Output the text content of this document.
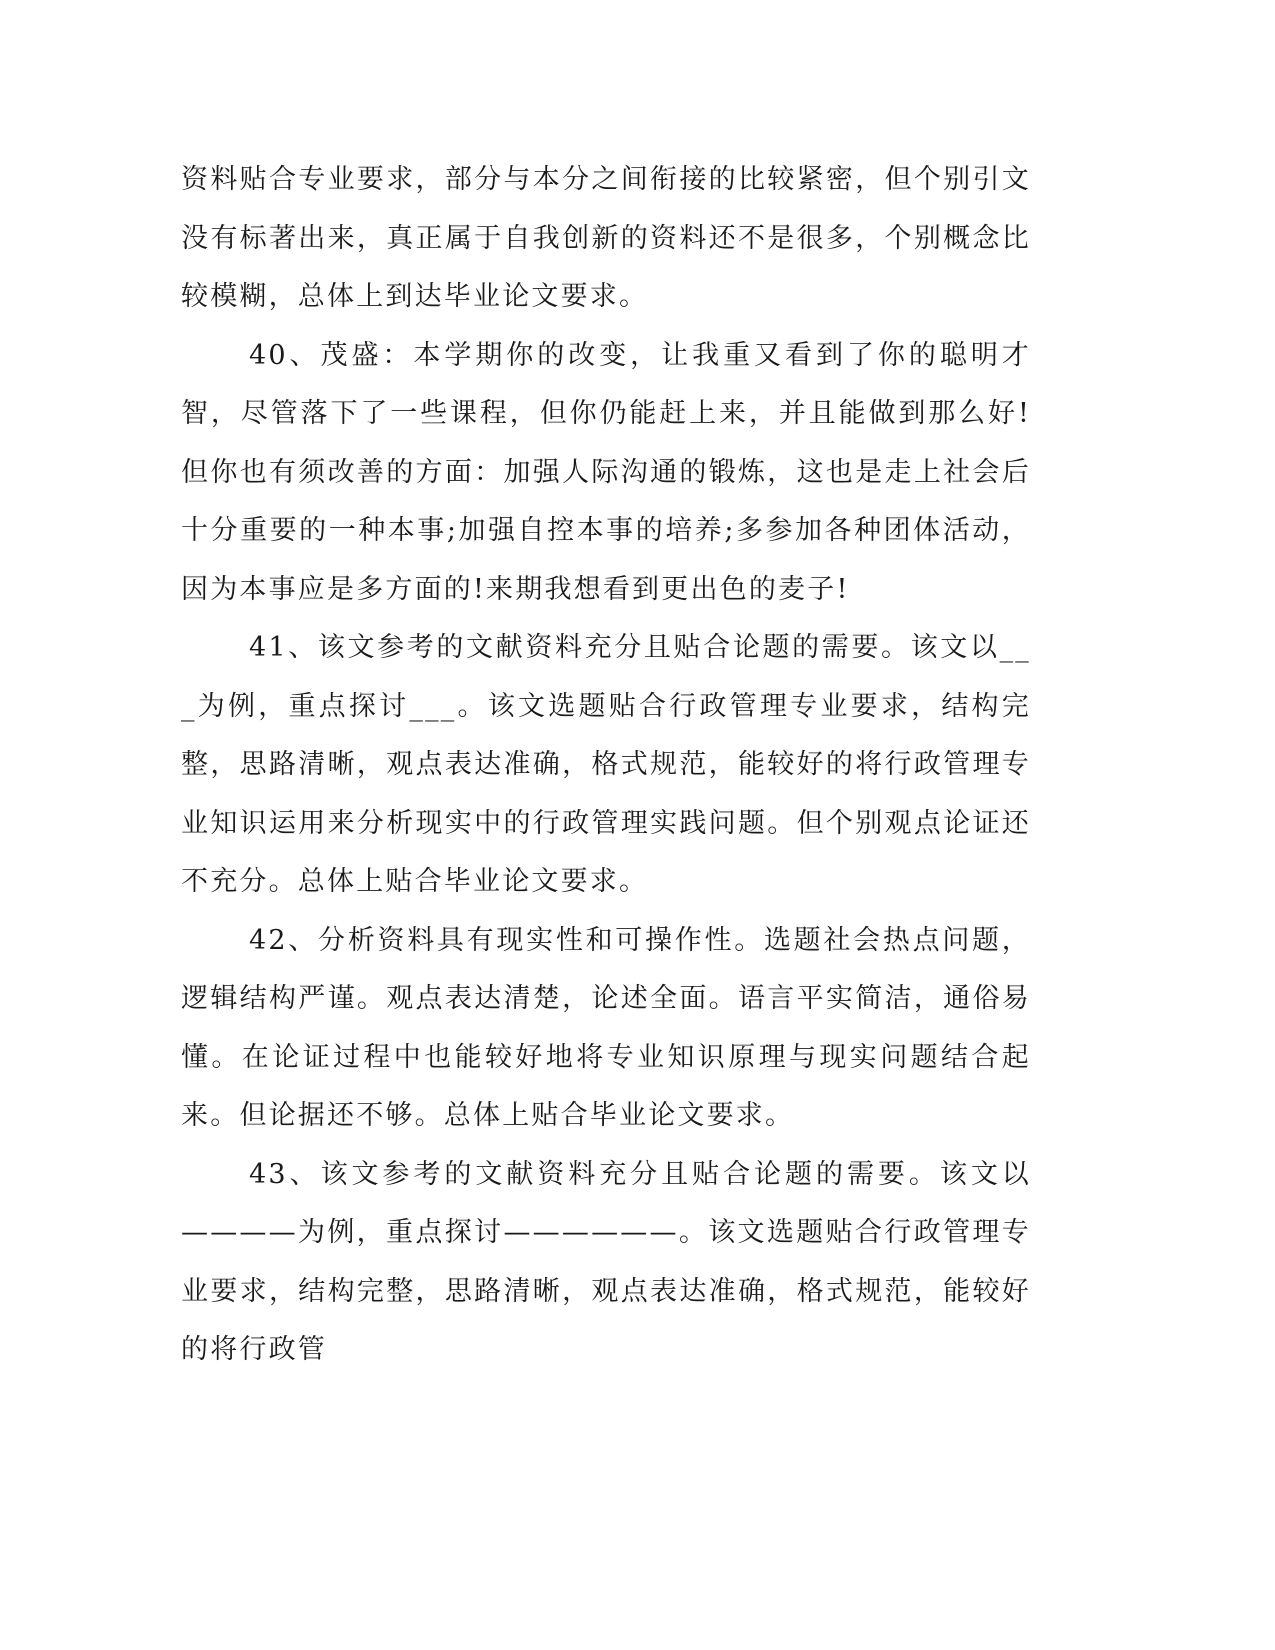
资料贴合专业要求，部分与本分之间衔接的比较紧密，但个别引文没有标著出来，真正属于自我创新的资料还不是很多，个别概念比较模糊，总体上到达毕业论文要求。

40、茂盛：本学期你的改变，让我重又看到了你的聪明才智，尽管落下了一些课程，但你仍能赶上来，并且能做到那么好!但你也有须改善的方面：加强人际沟通的锻炼，这也是走上社会后十分重要的一种本事;加强自控本事的培养;多参加各种团体活动，因为本事应是多方面的!来期我想看到更出色的麦子!

41、该文参考的文献资料充分且贴合论题的需要。该文以___为例，重点探讨___。该文选题贴合行政管理专业要求，结构完整，思路清晰，观点表达准确，格式规范，能较好的将行政管理专业知识运用来分析现实中的行政管理实践问题。但个别观点论证还不充分。总体上贴合毕业论文要求。

42、分析资料具有现实性和可操作性。选题社会热点问题，逻辑结构严谨。观点表达清楚，论述全面。语言平实简洁，通俗易懂。在论证过程中也能较好地将专业知识原理与现实问题结合起来。但论据还不够。总体上贴合毕业论文要求。

43、该文参考的文献资料充分且贴合论题的需要。该文以————为例，重点探讨——————。该文选题贴合行政管理专业要求，结构完整，思路清晰，观点表达准确，格式规范，能较好的将行政管
